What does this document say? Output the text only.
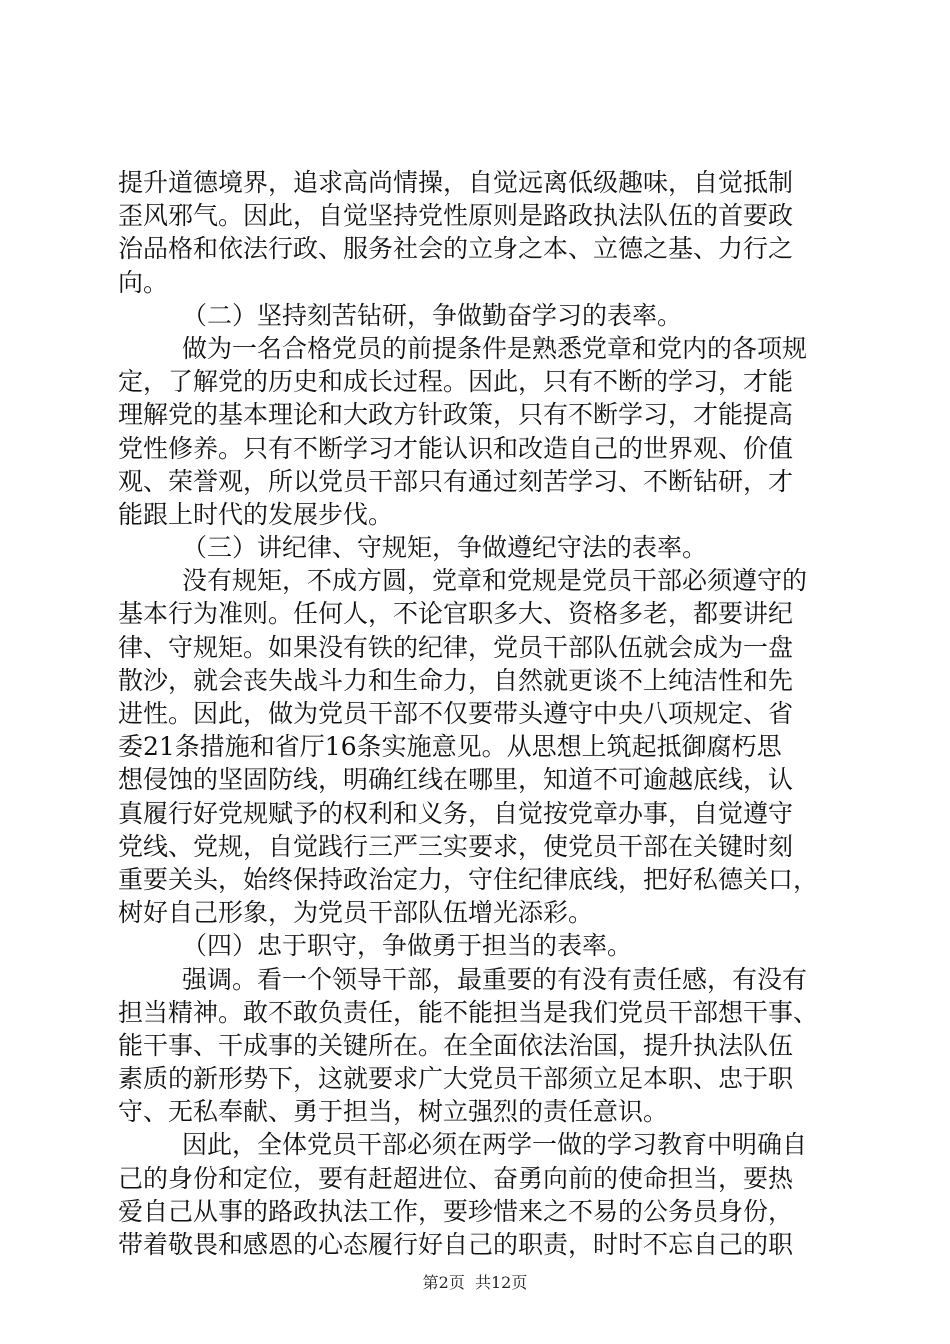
提升道德境界，追求高尚情操，自觉远离低级趣味，自觉抵制
歪风邪气。因此，自觉坚持党性原则是路政执法队伍的首要政
治品格和依法行政、服务社会的立身之本、立德之基、力行之
向。
（二）坚持刻苦钻研，争做勤奋学习的表率。
做为一名合格党员的前提条件是熟悉党章和党内的各项规
定，了解党的历史和成长过程。因此，只有不断的学习，才能
理解党的基本理论和大政方针政策，只有不断学习，才能提高
党性修养。只有不断学习才能认识和改造自己的世界观、价值
观、荣誉观，所以党员干部只有通过刻苦学习、不断钻研，才
能跟上时代的发展步伐。
（三）讲纪律、守规矩，争做遵纪守法的表率。
没有规矩，不成方圆，党章和党规是党员干部必须遵守的
基本行为准则。任何人，不论官职多大、资格多老，都要讲纪
律、守规矩。如果没有铁的纪律，党员干部队伍就会成为一盘
散沙，就会丧失战斗力和生命力，自然就更谈不上纯洁性和先
进性。因此，做为党员干部不仅要带头遵守中央八项规定、省
委21条措施和省厅16条实施意见。从思想上筑起抵御腐朽思
想侵蚀的坚固防线，明确红线在哪里，知道不可逾越底线，认
真履行好党规赋予的权利和义务，自觉按党章办事，自觉遵守
党线、党规，自觉践行三严三实要求，使党员干部在关键时刻
重要关头，始终保持政治定力，守住纪律底线，把好私德关口，
树好自己形象，为党员干部队伍增光添彩。
（四）忠于职守，争做勇于担当的表率。
强调。看一个领导干部，最重要的有没有责任感，有没有
担当精神。敢不敢负责任，能不能担当是我们党员干部想干事、
能干事、干成事的关键所在。在全面依法治国，提升执法队伍
素质的新形势下，这就要求广大党员干部须立足本职、忠于职
守、无私奉献、勇于担当，树立强烈的责任意识。
因此，全体党员干部必须在两学一做的学习教育中明确自
己的身份和定位，要有赶超进位、奋勇向前的使命担当，要热
爱自己从事的路政执法工作，要珍惜来之不易的公务员身份，
带着敬畏和感恩的心态履行好自己的职责，时时不忘自己的职
第2页  共12页
